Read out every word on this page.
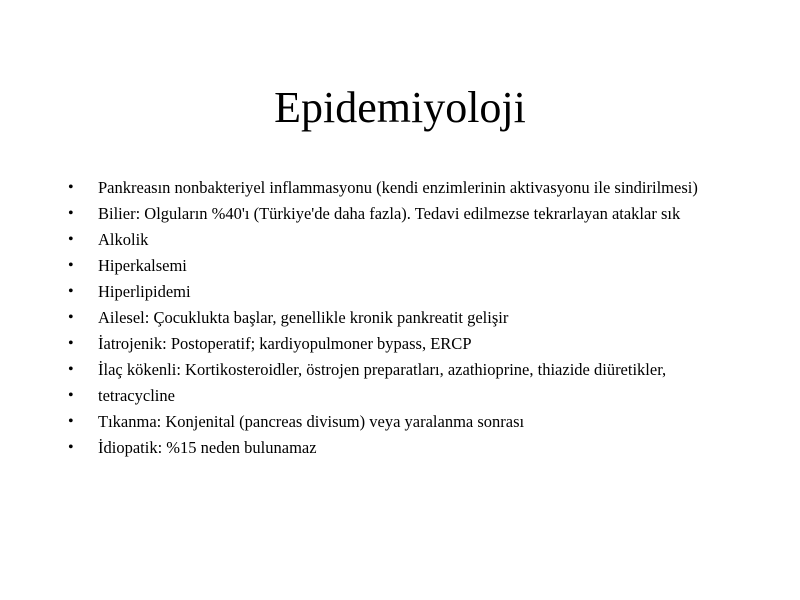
Epidemiyoloji
• Pankreasın nonbakteriyel inflammasyonu (kendi enzimlerinin aktivasyonu ile sindirilmesi)
• Bilier: Olguların %40'ı (Türkiye'de daha fazla). Tedavi edilmezse tekrarlayan ataklar sık
• Alkolik
• Hiperkalsemi
• Hiperlipidemi
• Ailesel: Çocuklukta başlar, genellikle kronik pankreatit gelişir
• İatrojenik: Postoperatif; kardiyopulmoner bypass, ERCP
• İlaç kökenli: Kortikosteroidler, östrojen preparatları, azathioprine, thiazide diüretikler,
• tetracycline
• Tıkanma: Konjenital (pancreas divisum) veya yaralanma sonrası
• İdiopatik: %15 neden bulunamaz
